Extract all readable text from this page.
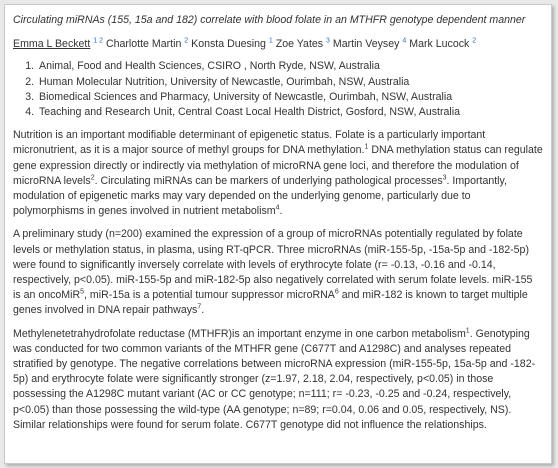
Circulating miRNAs (155, 15a and 182) correlate with blood folate in an MTHFR genotype dependent manner
Emma L Beckett $^{1 2}$ Charlotte Martin $^2$ Konsta Duesing $^1$ Zoe Yates $^3$ Martin Veysey $^4$ Mark Lucock $^2$
1. Animal, Food and Health Sciences, CSIRO , North Ryde, NSW, Australia
2. Human Molecular Nutrition, University of Newcastle, Ourimbah, NSW, Australia
3. Biomedical Sciences and Pharmacy, University of Newcastle, Ourimbah, NSW, Australia
4. Teaching and Research Unit, Central Coast Local Health District, Gosford, NSW, Australia

Nutrition is an important modifiable determinant of epigenetic status. Folate is a particularly important micronutrient, as it is a major source of methyl groups for DNA methylation.$^1$ DNA methylation status can regulate gene expression directly or indirectly via methylation of microRNA gene loci, and therefore the modulation of microRNA levels$^2$. Circulating miRNAs can be markers of underlying pathological processes$^3$. Importantly, modulation of epigenetic marks may vary depended on the underlying genome, particularly due to polymorphisms in genes involved in nutrient metabolism$^4$.

A preliminary study (n=200) examined the expression of a group of microRNAs potentially regulated by folate levels or methylation status, in plasma, using RT-qPCR. Three microRNAs (miR-155-5p, -15a-5p and -182-5p) were found to significantly inversely correlate with levels of erythrocyte folate (r= -0.13, -0.16 and -0.14, respectively, p<0.05). miR-155-5p and miR-182-5p also negatively correlated with serum folate levels. miR-155 is an oncoMiR$^5$, miR-15a is a potential tumour suppressor microRNA$^6$ and miR-182 is known to target multiple genes involved in DNA repair pathways$^7$.

Methylenetetrahydrofolate reductase (MTHFR)is an important enzyme in one carbon metabolism$^1$. Genotyping was conducted for two common variants of the MTHFR gene (C677T and A1298C) and analyses repeated stratified by genotype. The negative correlations between microRNA expression (miR-155-5p, 15a-5p and -182-5p) and erythrocyte folate were significantly stronger (z=1.97, 2.18, 2.04, respectively, p<0.05) in those possessing the A1298C mutant variant (AC or CC genotype; n=111; r= -0.23, -0.25 and -0.24, respectively, p<0.05) than those possessing the wild-type (AA genotype; n=89; r=0.04, 0.06 and 0.05, respectively, NS). Similar relationships were found for serum folate. C677T genotype did not influence the relationships.
